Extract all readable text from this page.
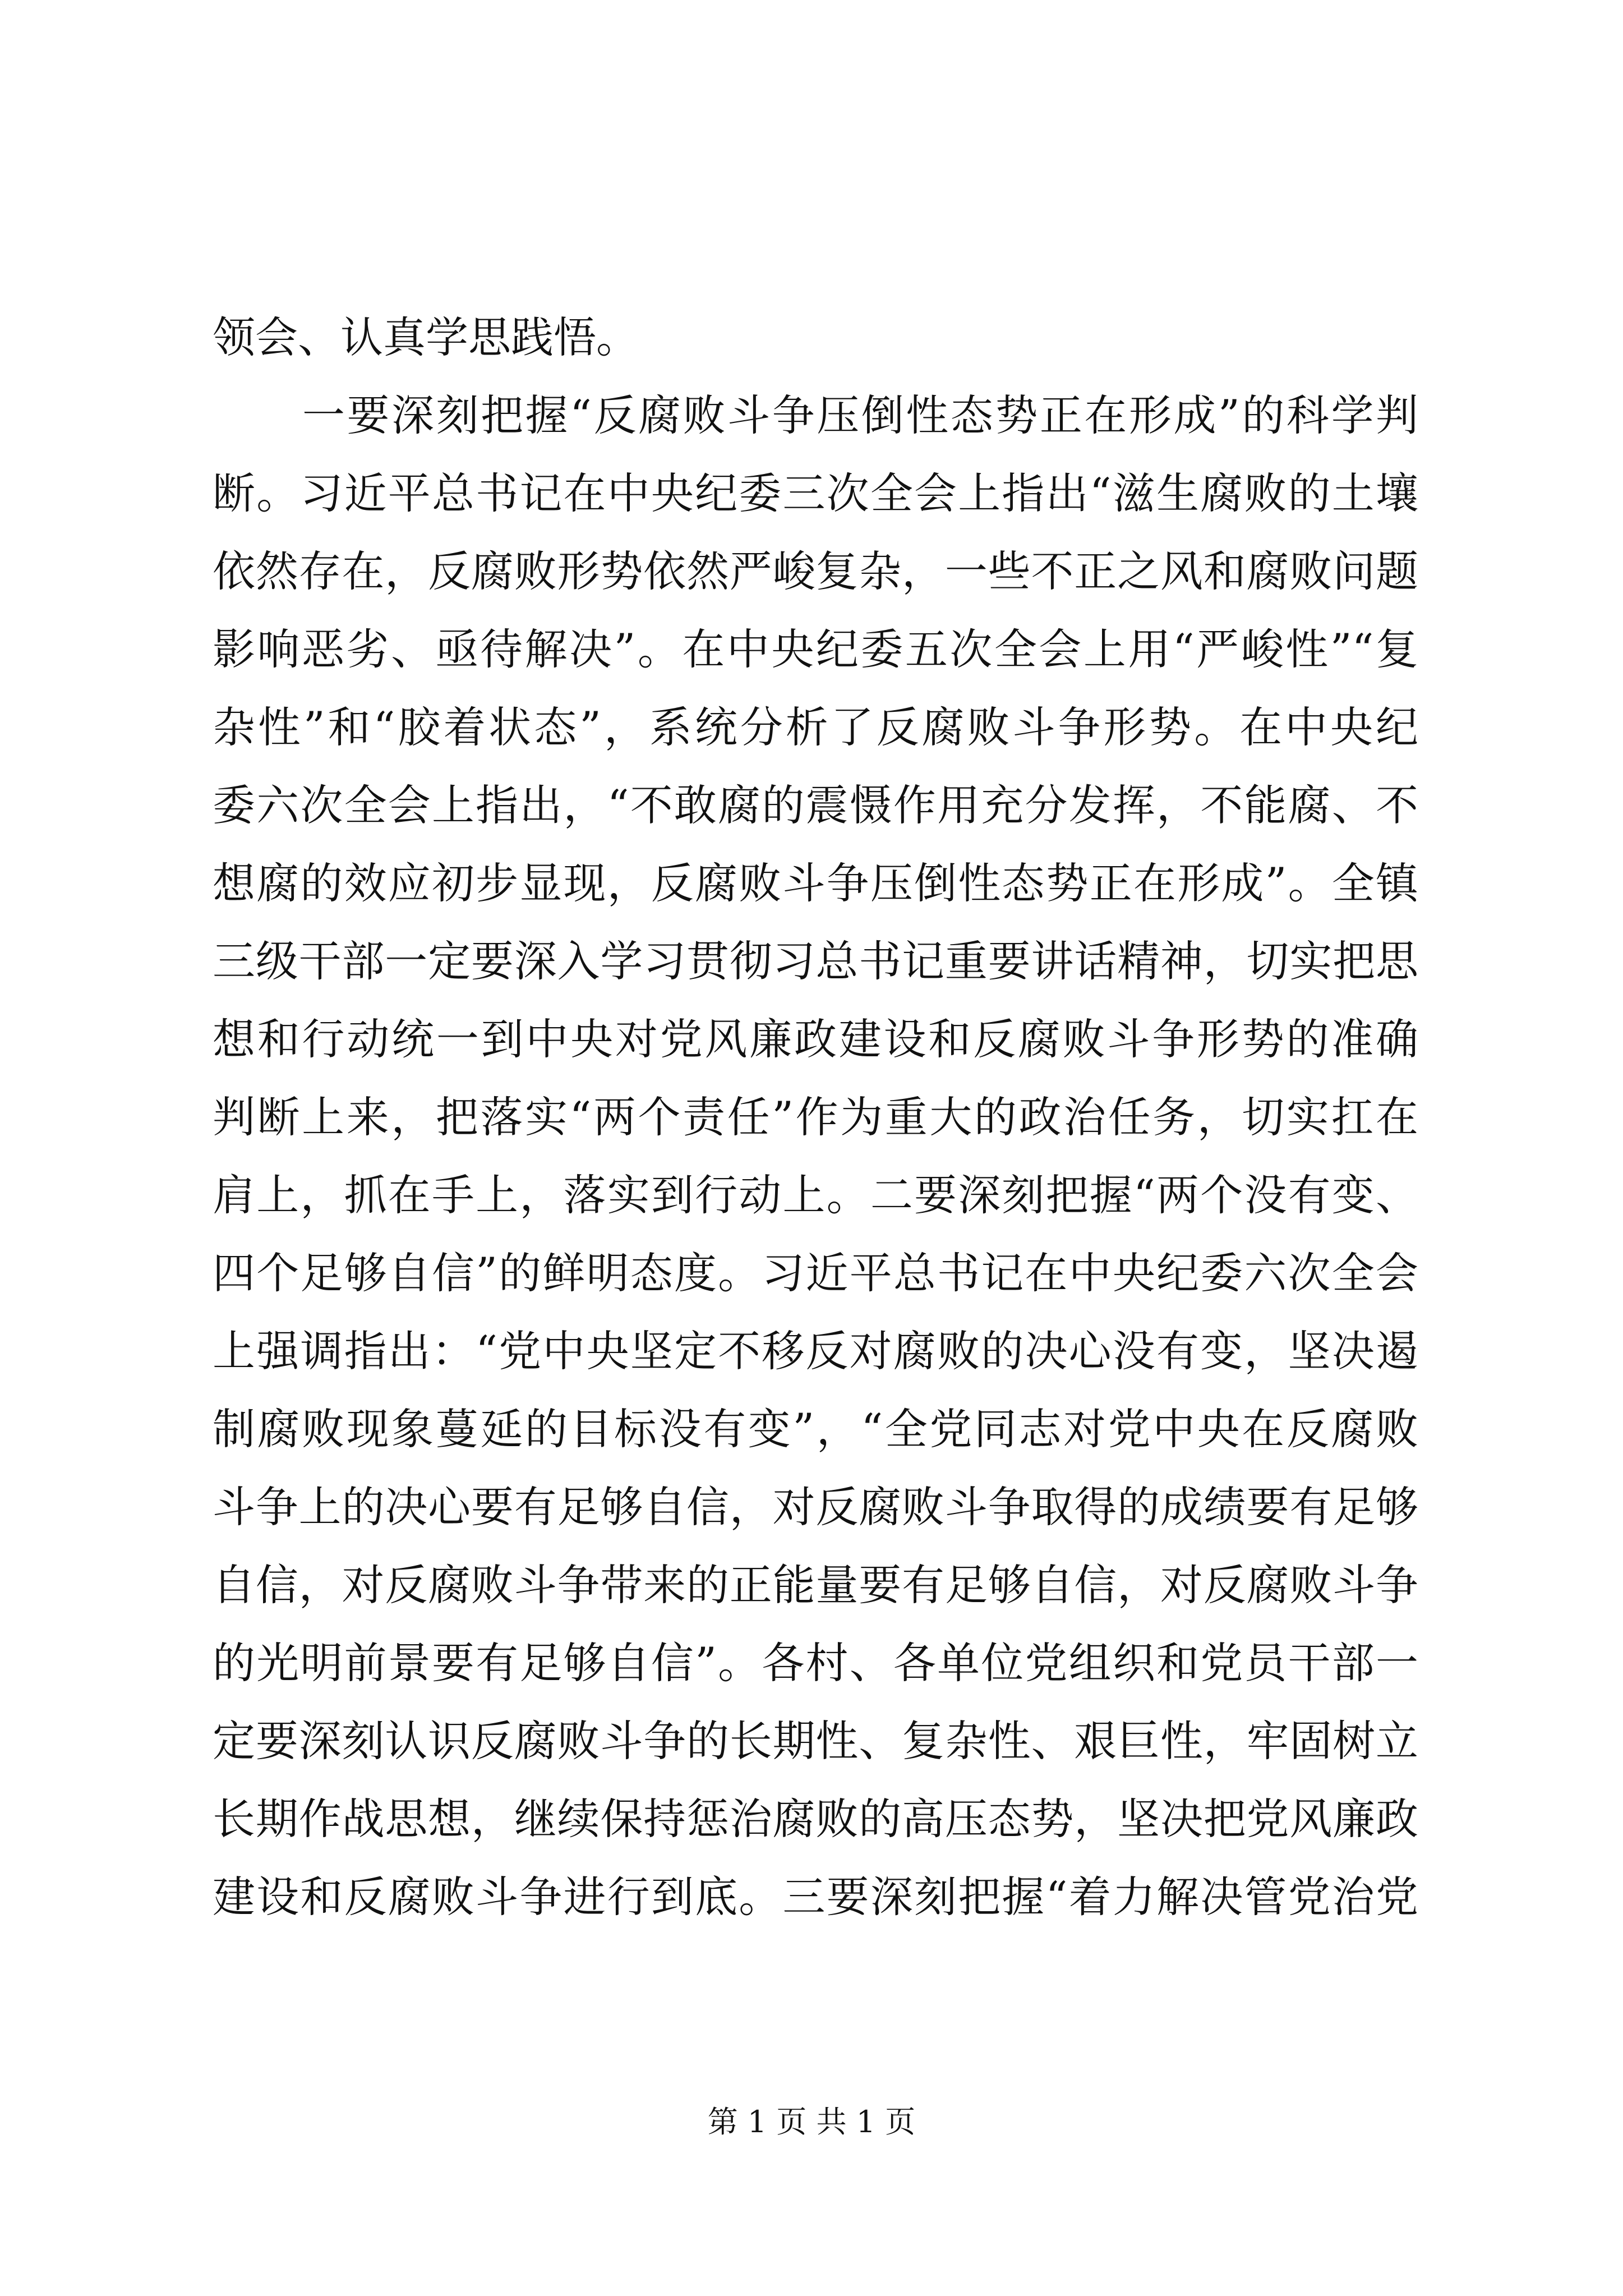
领会、认真学思践悟。
一要深刻把握“反腐败斗争压倒性态势正在形成”的科学判
断。习近平总书记在中央纪委三次全会上指出“滋生腐败的土壤
依然存在，反腐败形势依然严峻复杂，一些不正之风和腐败问题
影响恶劣、亟待解决”。在中央纪委五次全会上用“严峻性”“复
杂性”和“胶着状态”，系统分析了反腐败斗争形势。在中央纪
委六次全会上指出，“不敢腐的震慑作用充分发挥，不能腐、不
想腐的效应初步显现，反腐败斗争压倒性态势正在形成”。全镇
三级干部一定要深入学习贯彻习总书记重要讲话精神，切实把思
想和行动统一到中央对党风廉政建设和反腐败斗争形势的准确
判断上来，把落实“两个责任”作为重大的政治任务，切实扛在
肩上，抓在手上，落实到行动上。二要深刻把握“两个没有变、
四个足够自信”的鲜明态度。习近平总书记在中央纪委六次全会
上强调指出：“党中央坚定不移反对腐败的决心没有变，坚决遏
制腐败现象蔓延的目标没有变”，“全党同志对党中央在反腐败
斗争上的决心要有足够自信，对反腐败斗争取得的成绩要有足够
自信，对反腐败斗争带来的正能量要有足够自信，对反腐败斗争
的光明前景要有足够自信”。各村、各单位党组织和党员干部一
定要深刻认识反腐败斗争的长期性、复杂性、艰巨性，牢固树立
长期作战思想，继续保持惩治腐败的高压态势，坚决把党风廉政
建设和反腐败斗争进行到底。三要深刻把握“着力解决管党治党
第 1 页 共 1 页
